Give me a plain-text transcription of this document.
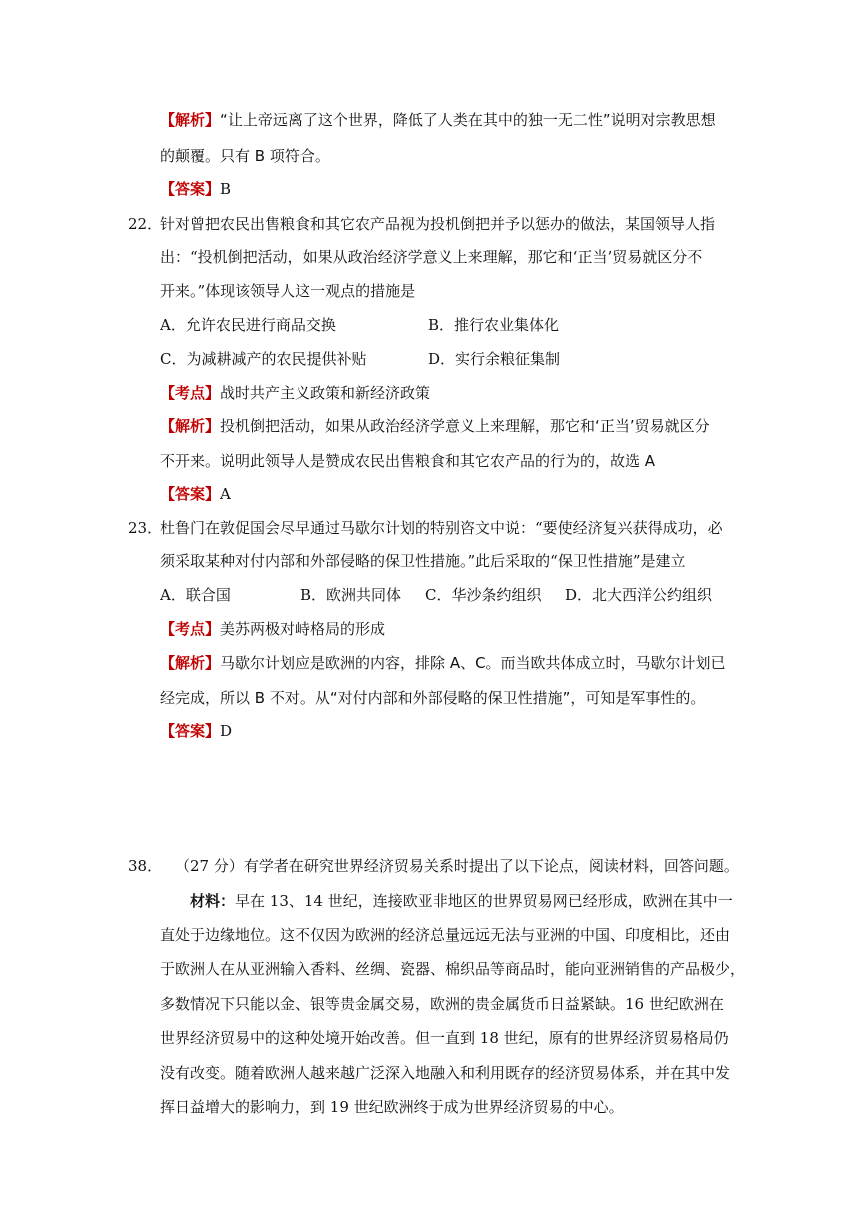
【解析】“让上帝远离了这个世界，降低了人类在其中的独一无二性”说明对宗教思想
的颠覆。只有 B 项符合。
【答案】B
22．
针对曾把农民出售粮食和其它农产品视为投机倒把并予以惩办的做法，某国领导人指
出：“投机倒把活动，如果从政治经济学意义上来理解，那它和‘正当’贸易就区分不
开来。”体现该领导人这一观点的措施是
A．允许农民进行商品交换	B．推行农业集体化
C．为减耕减产的农民提供补贴	D．实行余粮征集制
【考点】战时共产主义政策和新经济政策
【解析】投机倒把活动，如果从政治经济学意义上来理解，那它和‘正当’贸易就区分
不开来。说明此领导人是赞成农民出售粮食和其它农产品的行为的，故选 A
【答案】A
23．
杜鲁门在敦促国会尽早通过马歇尔计划的特别咨文中说：“要使经济复兴获得成功，必
须采取某种对付内部和外部侵略的保卫性措施。”此后采取的“保卫性措施”是建立
A．联合国	B．欧洲共同体 C．华沙条约组织 D．北大西洋公约组织
【考点】美苏两极对峙格局的形成
【解析】马歇尔计划应是欧洲的内容，排除 A、C。而当欧共体成立时，马歇尔计划已
经完成，所以 B 不对。从“对付内部和外部侵略的保卫性措施”，可知是军事性的。
【答案】D
38． （27 分）有学者在研究世界经济贸易关系时提出了以下论点，阅读材料，回答问题。
材料：早在 13、14 世纪，连接欧亚非地区的世界贸易网已经形成，欧洲在其中一
直处于边缘地位。这不仅因为欧洲的经济总量远远无法与亚洲的中国、印度相比，还由
于欧洲人在从亚洲输入香料、丝绸、瓷器、棉织品等商品时，能向亚洲销售的产品极少，
多数情况下只能以金、银等贵金属交易，欧洲的贵金属货币日益紧缺。16 世纪欧洲在
世界经济贸易中的这种处境开始改善。但一直到 18 世纪，原有的世界经济贸易格局仍
没有改变。随着欧洲人越来越广泛深入地融入和利用既存的经济贸易体系，并在其中发
挥日益增大的影响力，到 19 世纪欧洲终于成为世界经济贸易的中心。
